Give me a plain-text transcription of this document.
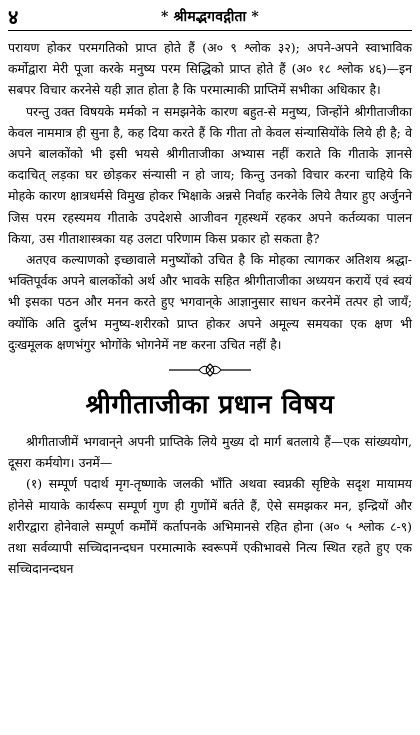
४	* श्रीमद्भगवद्गीता *

परायण होकर परमगतिको प्राप्त होते हैं (अ० ९ श्लोक ३२); अपने-अपने स्वाभाविक कर्मोद्वारा मेरी पूजा करके मनुष्य परम सिद्धिको प्राप्त होते हैं (अ० १८ श्लोक ४६)—इन सबपर विचार करनेसे यही ज्ञात होता है कि परमात्माकी प्राप्तिमें सभीका अधिकार है।

परन्तु उक्त विषयके मर्मको न समझनेके कारण बहुत-से मनुष्य, जिन्होंने श्रीगीताजीका केवल नाममात्र ही सुना है, कह दिया करते हैं कि गीता तो केवल संन्यासियोंके लिये ही है; वे अपने बालकोंको भी इसी भयसे श्रीगीताजीका अभ्यास नहीं कराते कि गीताके ज्ञानसे कदाचित् लड़का घर छोड़कर संन्यासी न हो जाय; किन्तु उनको विचार करना चाहिये कि मोहके कारण क्षात्रधर्मसे विमुख होकर भिक्षाके अन्नसे निर्वाह करनेके लिये तैयार हुए अर्जुनने जिस परम रहस्यमय गीताके उपदेशसे आजीवन गृहस्थमें रहकर अपने कर्तव्यका पालन किया, उस गीताशास्त्रका यह उलटा परिणाम किस प्रकार हो सकता है?

अतएव कल्याणको इच्छावाले मनुष्योंको उचित है कि मोहका त्यागकर अतिशय श्रद्धा-भक्तिपूर्वक अपने बालकोंको अर्थ और भावके सहित श्रीगीताजीका अध्ययन करायें एवं स्वयं भी इसका पठन और मनन करते हुए भगवान्‌के आज्ञानुसार साधन करनेमें तत्पर हो जायँ; क्योंकि अति दुर्लभ मनुष्य-शरीरको प्राप्त होकर अपने अमूल्य समयका एक क्षण भी दुःखमूलक क्षणभंगुर भोगोंके भोगनेमें नष्ट करना उचित नहीं है।

श्रीगीताजीका प्रधान विषय

श्रीगीताजीमें भगवान्‌ने अपनी प्राप्तिके लिये मुख्य दो मार्ग बतलाये हैं—एक सांख्ययोग, दूसरा कर्मयोग। उनमें—

(१) सम्पूर्ण पदार्थ मृग-तृष्णाके जलकी भाँति अथवा स्वप्नकी सृष्टिके सदृश मायामय होनेसे मायाके कार्यरूप सम्पूर्ण गुण ही गुणोंमें बर्तते हैं, ऐसे समझकर मन, इन्द्रियों और शरीरद्वारा होनेवाले सम्पूर्ण कर्मोंमें कर्तापनके अभिमानसे रहित होना (अ० ५ श्लोक ८-९) तथा सर्वव्यापी सच्चिदानन्दघन परमात्माके स्वरूपमें एकीभावसे नित्य स्थित रहते हुए एक सच्चिदानन्दघन
